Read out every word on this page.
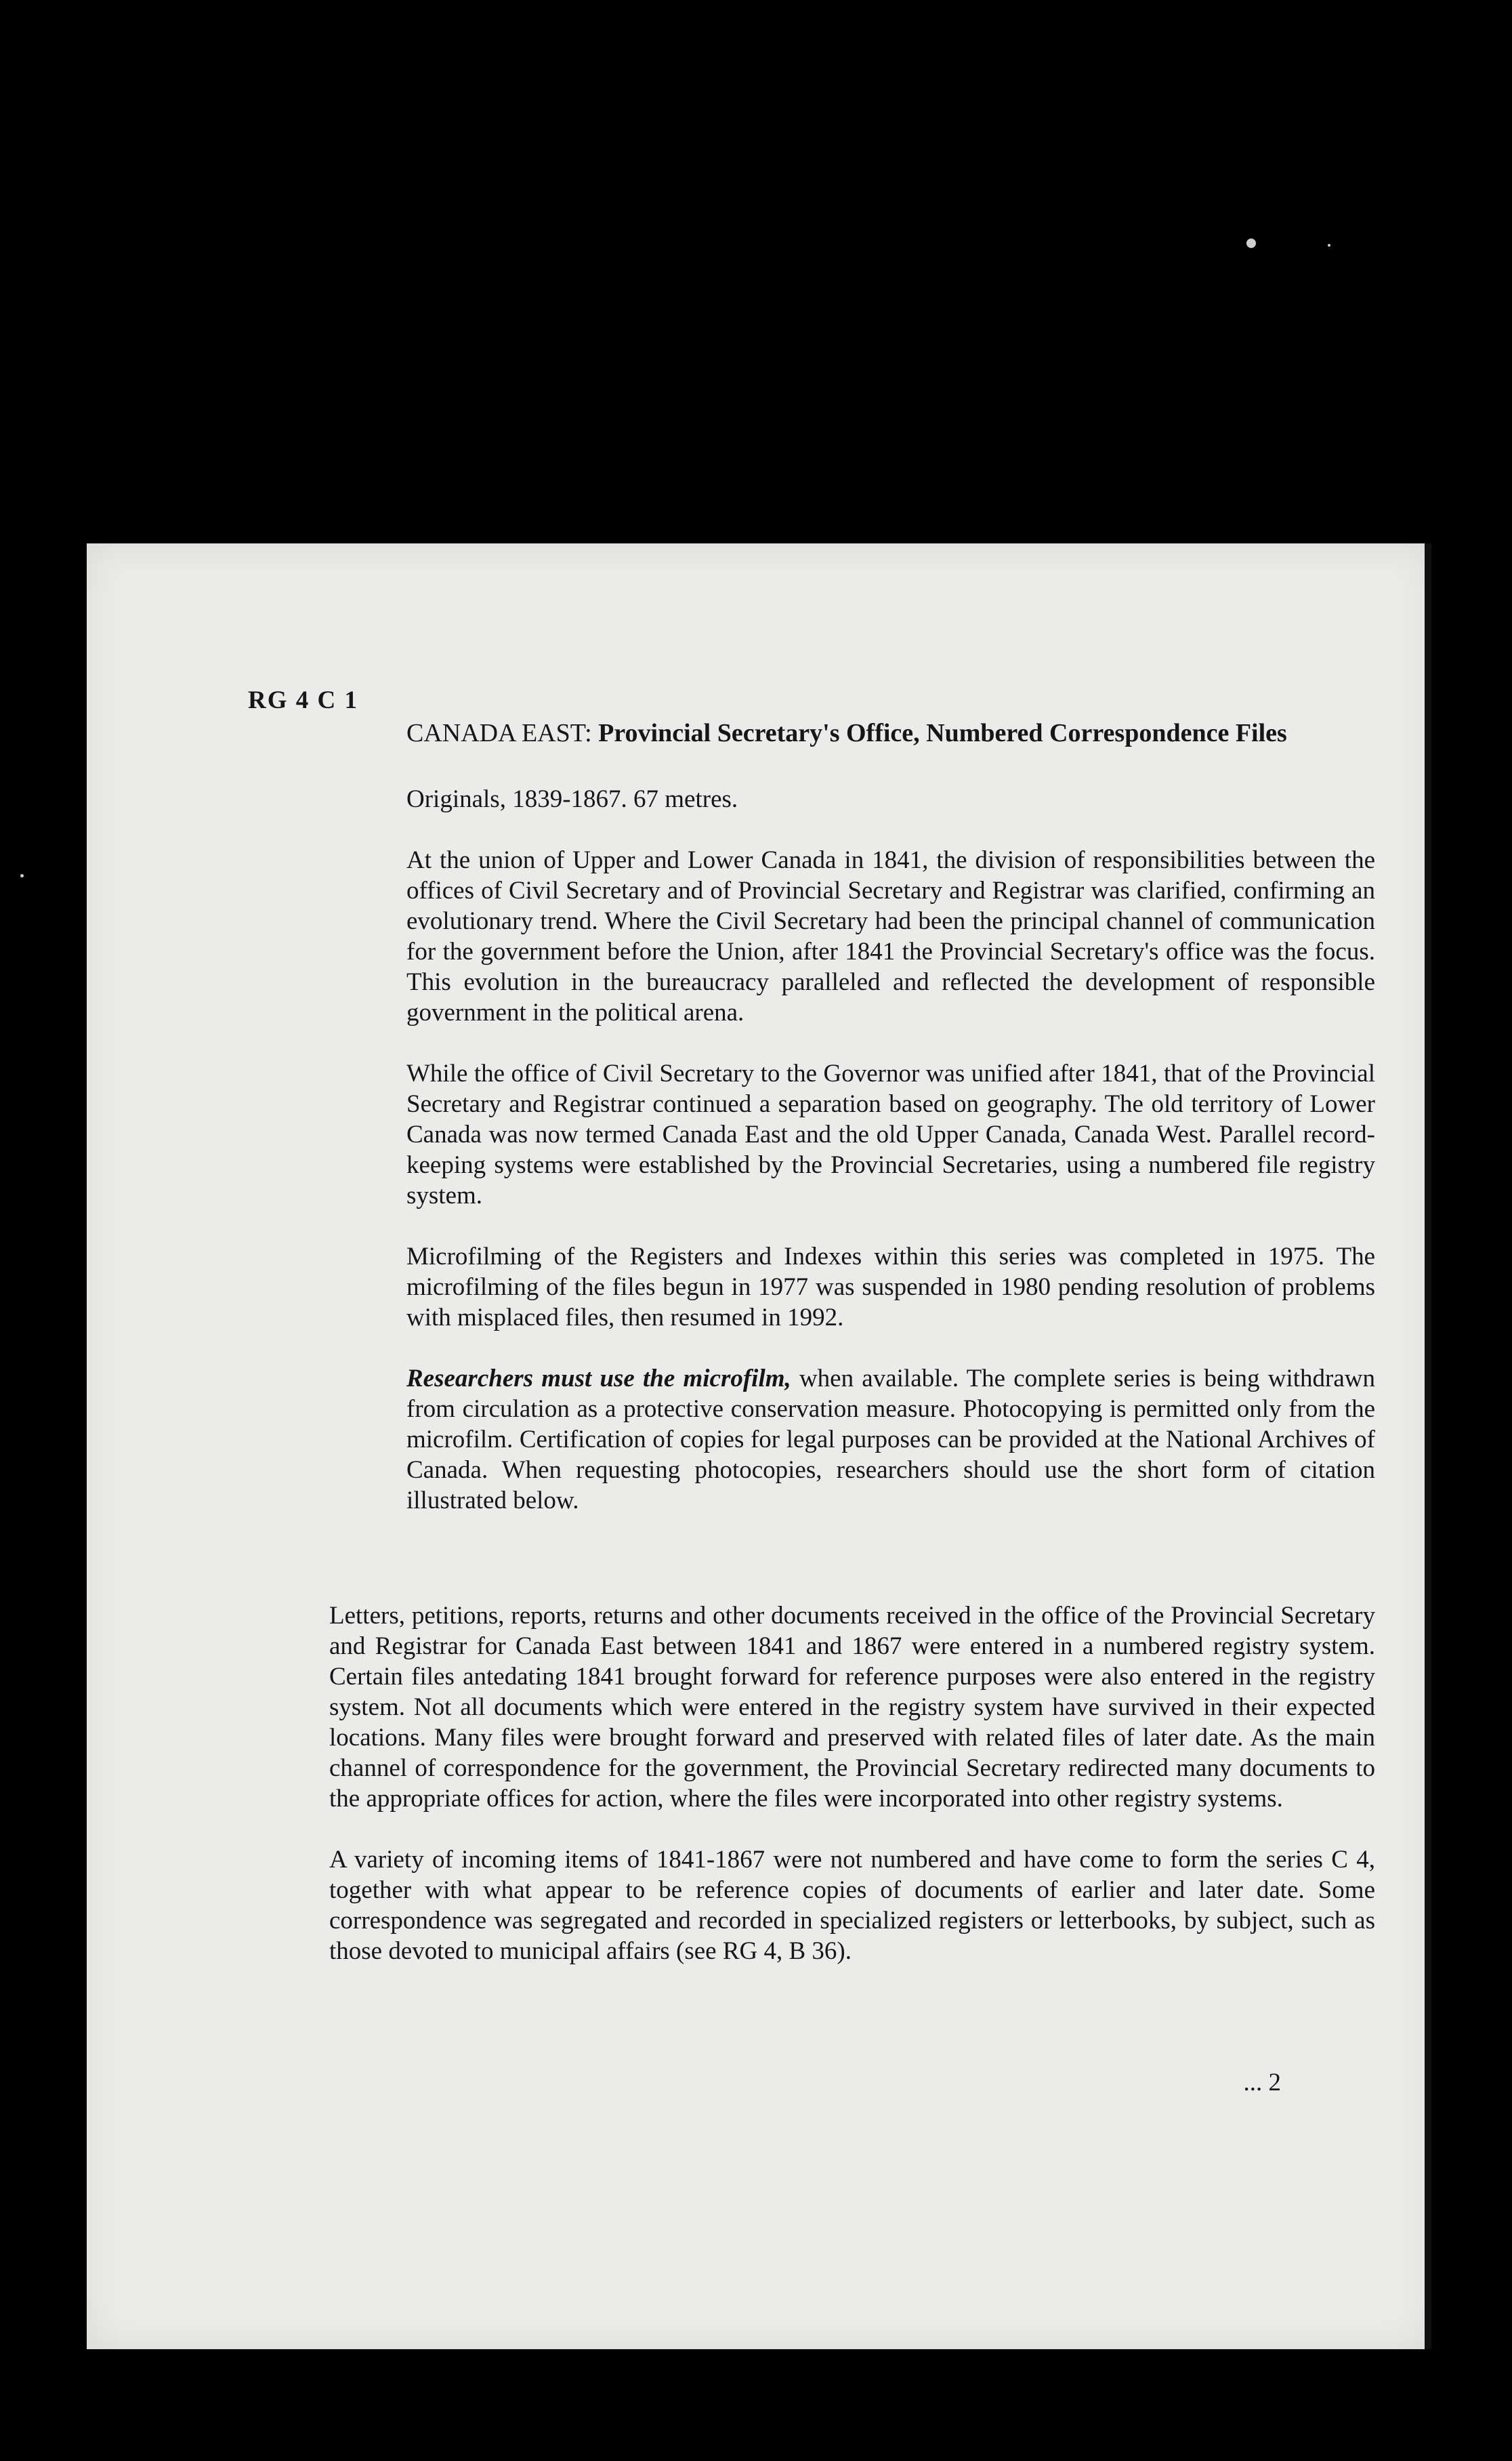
RG 4 C 1
CANADA EAST: Provincial Secretary's Office, Numbered Correspondence Files

Originals, 1839-1867. 67 metres.

At the union of Upper and Lower Canada in 1841, the division of responsibilities between the offices of Civil Secretary and of Provincial Secretary and Registrar was clarified, confirming an evolutionary trend. Where the Civil Secretary had been the principal channel of communication for the government before the Union, after 1841 the Provincial Secretary's office was the focus. This evolution in the bureaucracy paralleled and reflected the development of responsible government in the political arena.

While the office of Civil Secretary to the Governor was unified after 1841, that of the Provincial Secretary and Registrar continued a separation based on geography. The old territory of Lower Canada was now termed Canada East and the old Upper Canada, Canada West. Parallel record-keeping systems were established by the Provincial Secretaries, using a numbered file registry system.

Microfilming of the Registers and Indexes within this series was completed in 1975. The microfilming of the files begun in 1977 was suspended in 1980 pending resolution of problems with misplaced files, then resumed in 1992.

Researchers must use the microfilm, when available. The complete series is being withdrawn from circulation as a protective conservation measure. Photocopying is permitted only from the microfilm. Certification of copies for legal purposes can be provided at the National Archives of Canada. When requesting photocopies, researchers should use the short form of citation illustrated below.

Letters, petitions, reports, returns and other documents received in the office of the Provincial Secretary and Registrar for Canada East between 1841 and 1867 were entered in a numbered registry system. Certain files antedating 1841 brought forward for reference purposes were also entered in the registry system. Not all documents which were entered in the registry system have survived in their expected locations. Many files were brought forward and preserved with related files of later date. As the main channel of correspondence for the government, the Provincial Secretary redirected many documents to the appropriate offices for action, where the files were incorporated into other registry systems.

A variety of incoming items of 1841-1867 were not numbered and have come to form the series C 4, together with what appear to be reference copies of documents of earlier and later date. Some correspondence was segregated and recorded in specialized registers or letterbooks, by subject, such as those devoted to municipal affairs (see RG 4, B 36).

... 2
